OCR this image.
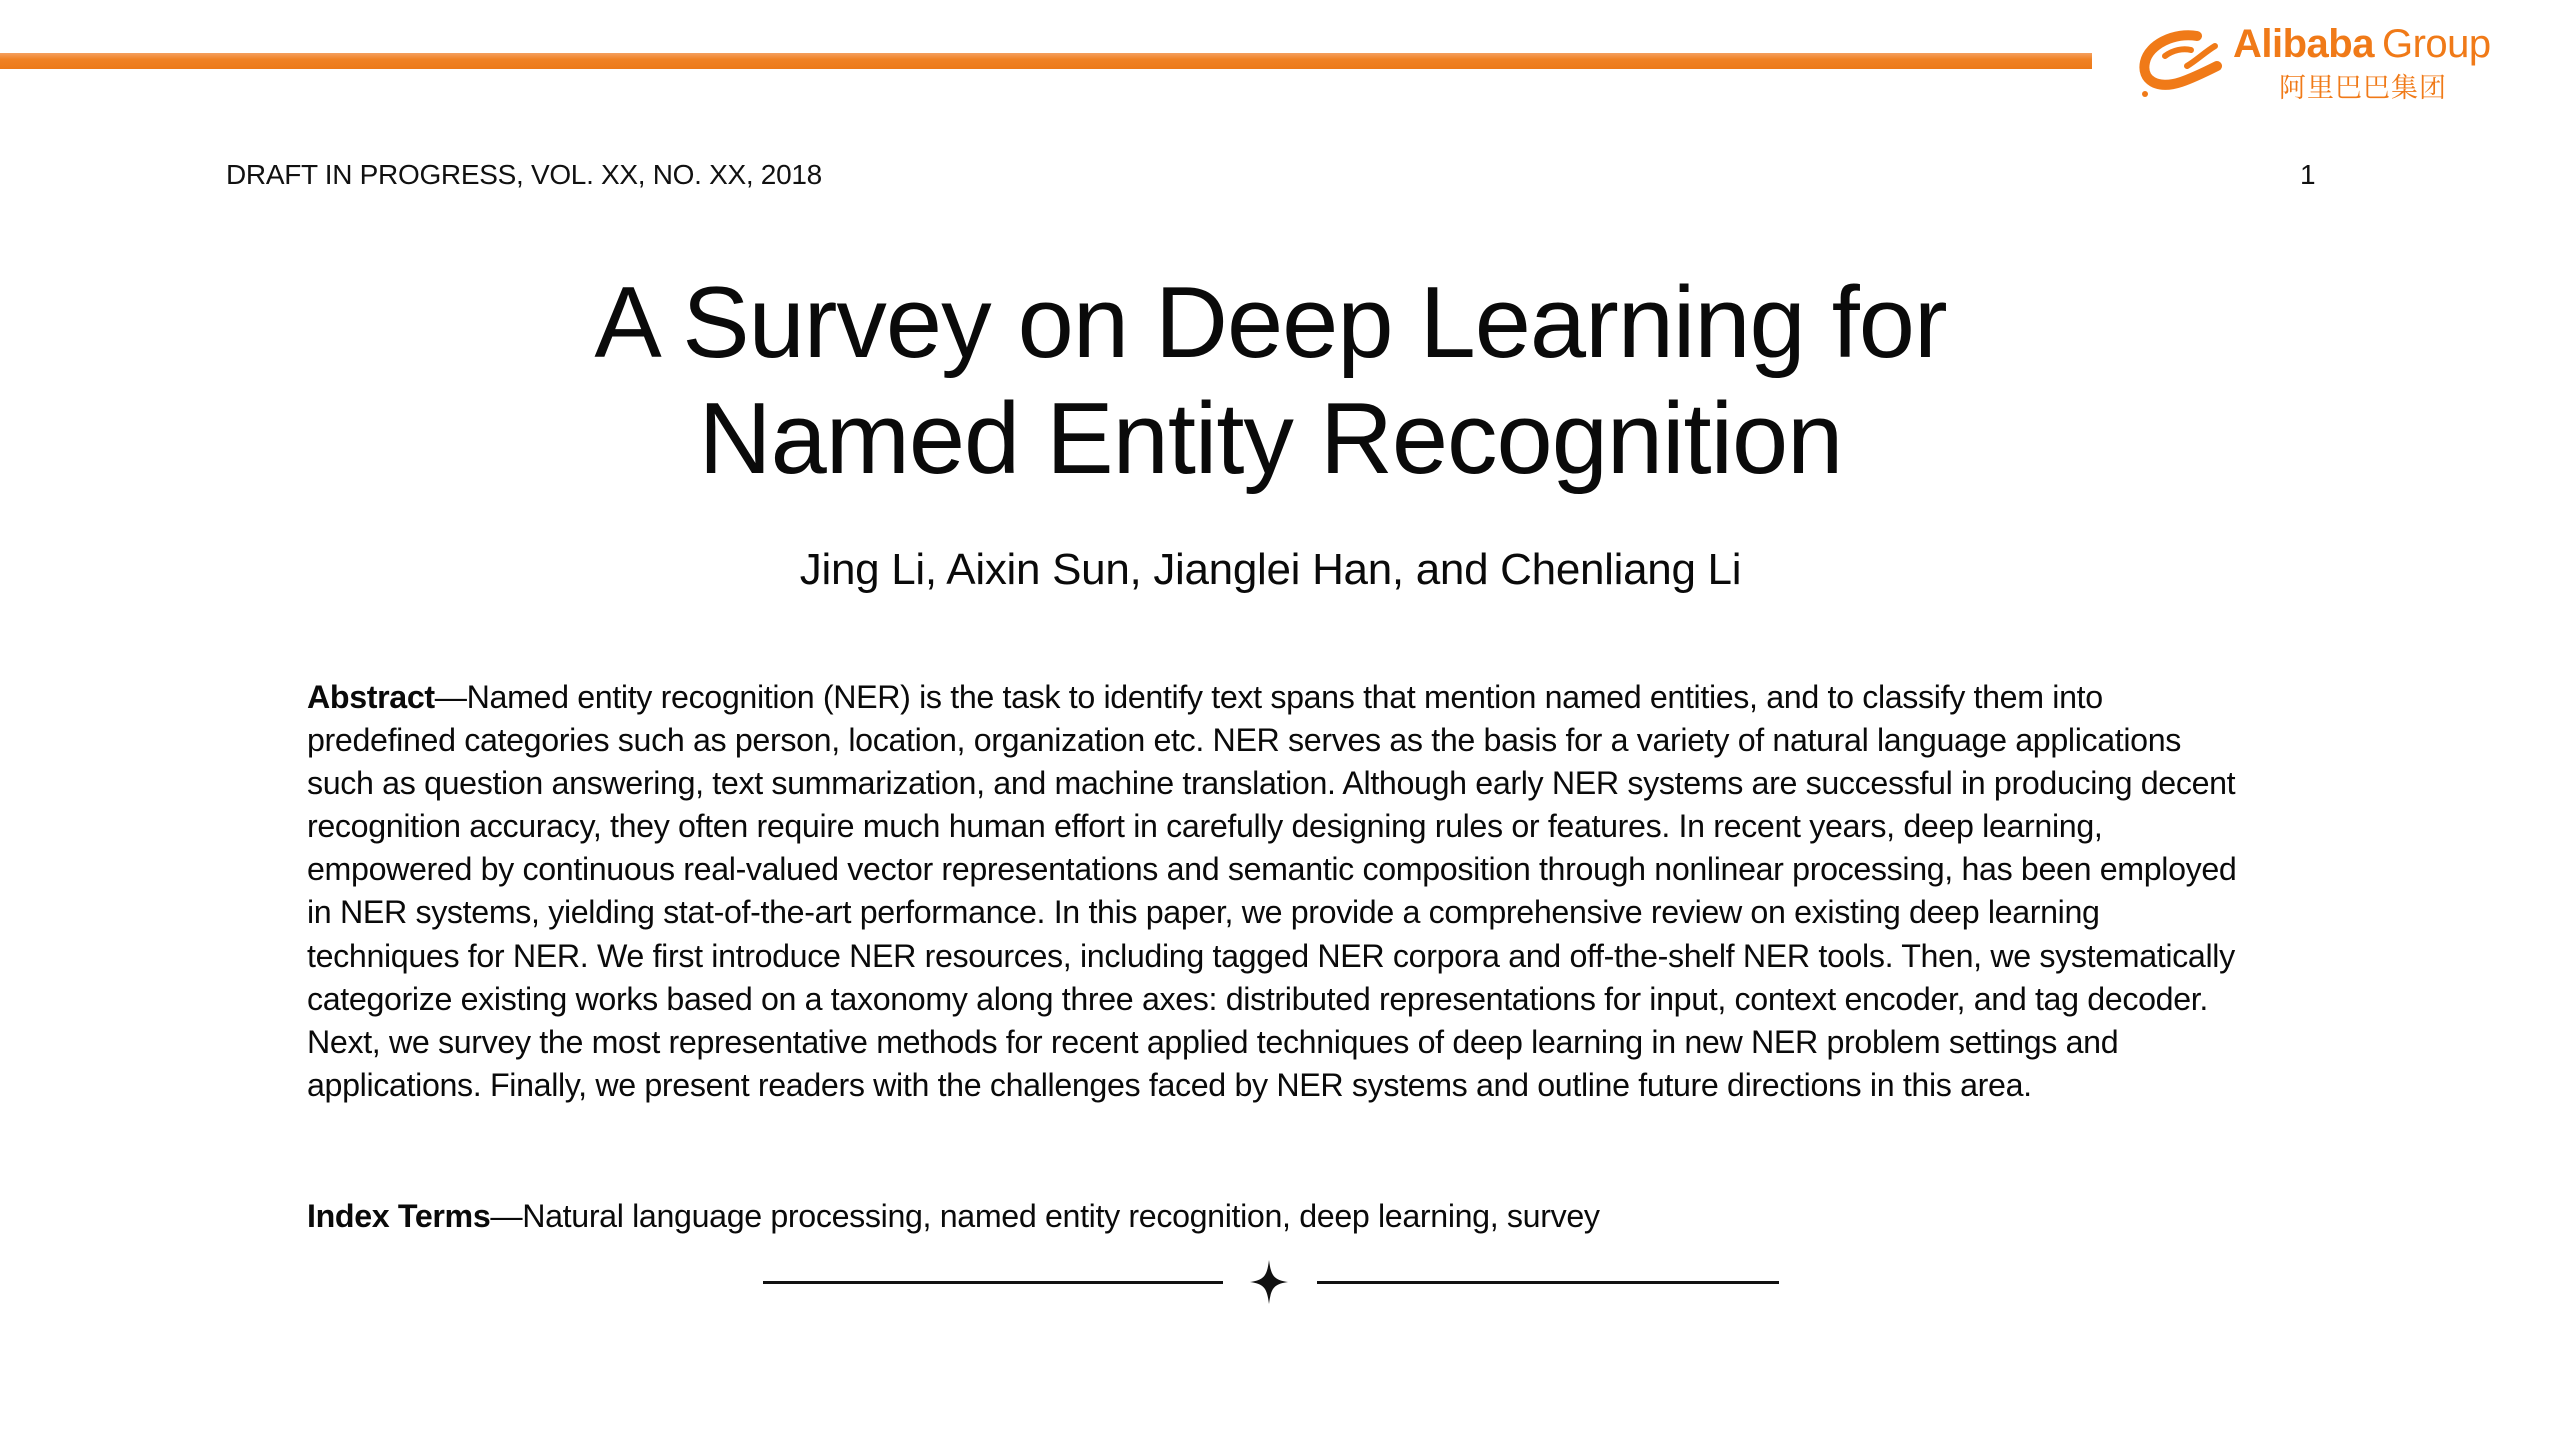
Alibaba Group
阿里巴巴集团
DRAFT IN PROGRESS, VOL. XX, NO. XX, 2018	1
A Survey on Deep Learning for
Named Entity Recognition
Jing Li, Aixin Sun, Jianglei Han, and Chenliang Li

Abstract—Named entity recognition (NER) is the task to identify text spans that mention named entities, and to classify them into predefined categories such as person, location, organization etc. NER serves as the basis for a variety of natural language applications such as question answering, text summarization, and machine translation. Although early NER systems are successful in producing decent recognition accuracy, they often require much human effort in carefully designing rules or features. In recent years, deep learning, empowered by continuous real-valued vector representations and semantic composition through nonlinear processing, has been employed in NER systems, yielding stat-of-the-art performance. In this paper, we provide a comprehensive review on existing deep learning techniques for NER. We first introduce NER resources, including tagged NER corpora and off-the-shelf NER tools. Then, we systematically categorize existing works based on a taxonomy along three axes: distributed representations for input, context encoder, and tag decoder. Next, we survey the most representative methods for recent applied techniques of deep learning in new NER problem settings and applications. Finally, we present readers with the challenges faced by NER systems and outline future directions in this area.

Index Terms—Natural language processing, named entity recognition, deep learning, survey
